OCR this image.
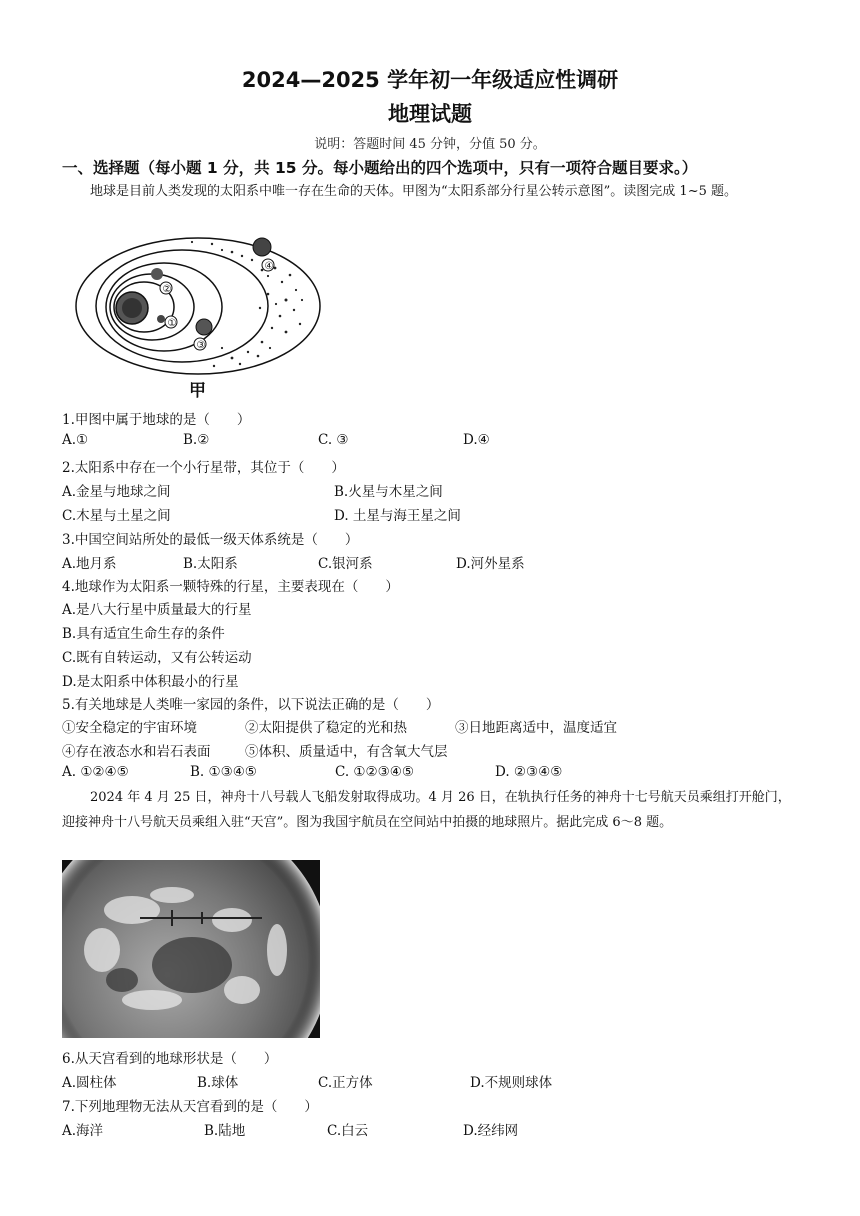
2024—2025 学年初一年级适应性调研
地理试题
说明：答题时间 45 分钟，分值 50 分。
一、选择题（每小题 1 分，共 15 分。每小题给出的四个选项中，只有一项符合题目要求。）
地球是目前人类发现的太阳系中唯一存在生命的天体。甲图为“太阳系部分行星公转示意图”。读图完成 1~5 题。
①
②
③
④
甲
1.甲图中属于地球的是（　　）
A.①	B.②	C. ③	D.④
2.太阳系中存在一个小行星带，其位于（　　）
A.金星与地球之间	B.火星与木星之间
C.木星与土星之间	D. 土星与海王星之间
3.中国空间站所处的最低一级天体系统是（　　）
A.地月系	B.太阳系	C.银河系	D.河外星系
4.地球作为太阳系一颗特殊的行星，主要表现在（　　）
A.是八大行星中质量最大的行星
B.具有适宜生命生存的条件
C.既有自转运动，又有公转运动
D.是太阳系中体积最小的行星
5.有关地球是人类唯一家园的条件，以下说法正确的是（　　）
①安全稳定的宇宙环境	②太阳提供了稳定的光和热	③日地距离适中，温度适宜
④存在液态水和岩石表面	⑤体积、质量适中，有含氧大气层
A. ①②④⑤	B. ①③④⑤	C. ①②③④⑤	D. ②③④⑤
2024 年 4 月 25 日，神舟十八号载人飞船发射取得成功。4 月 26 日，在轨执行任务的神舟十七号航天员乘组打开舱门，迎接神舟十八号航天员乘组入驻“天宫”。图为我国宇航员在空间站中拍摄的地球照片。据此完成 6～8 题。
6.从天宫看到的地球形状是（　　）
A.圆柱体	B.球体	C.正方体	D.不规则球体
7.下列地理物无法从天宫看到的是（　　）
A.海洋	B.陆地	C.白云	D.经纬网
